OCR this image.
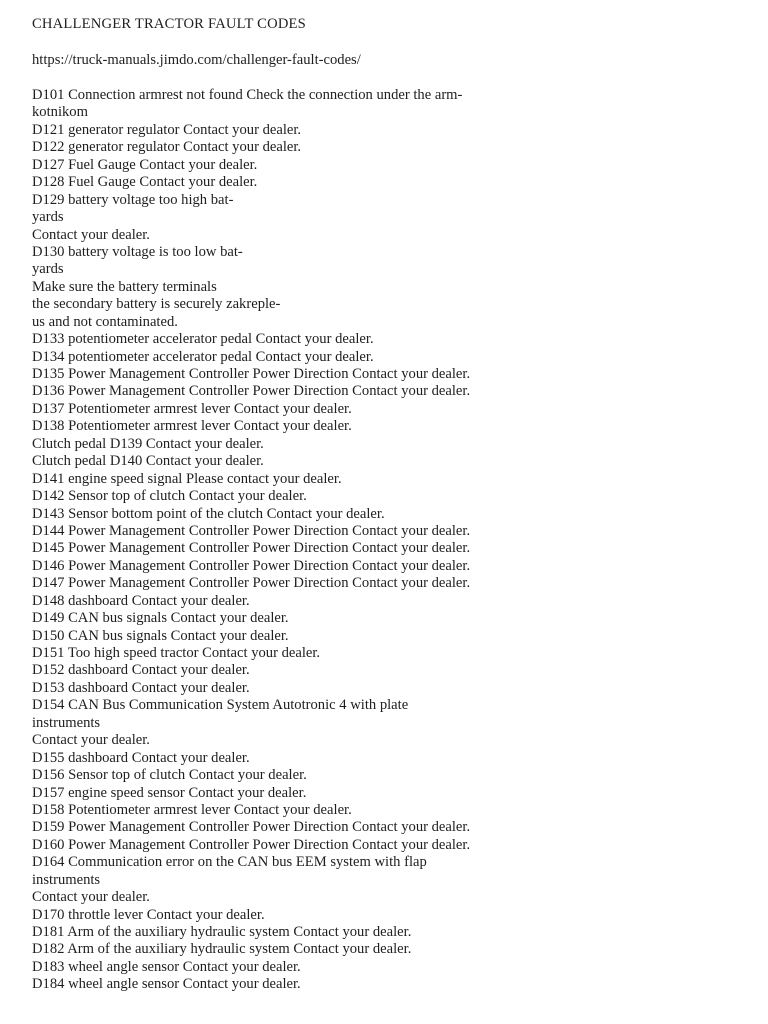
CHALLENGER TRACTOR FAULT CODES
https://truck-manuals.jimdo.com/challenger-fault-codes/
D101 Connection armrest not found Check the connection under the arm-
kotnikom
D121 generator regulator Contact your dealer.
D122 generator regulator Contact your dealer.
D127 Fuel Gauge Contact your dealer.
D128 Fuel Gauge Contact your dealer.
D129 battery voltage too high bat-
yards
Contact your dealer.
D130 battery voltage is too low bat-
yards
Make sure the battery terminals
the secondary battery is securely zakreple-
us and not contaminated.
D133 potentiometer accelerator pedal Contact your dealer.
D134 potentiometer accelerator pedal Contact your dealer.
D135 Power Management Controller Power Direction Contact your dealer.
D136 Power Management Controller Power Direction Contact your dealer.
D137 Potentiometer armrest lever Contact your dealer.
D138 Potentiometer armrest lever Contact your dealer.
Clutch pedal D139 Contact your dealer.
Clutch pedal D140 Contact your dealer.
D141 engine speed signal Please contact your dealer.
D142 Sensor top of clutch Contact your dealer.
D143 Sensor bottom point of the clutch Contact your dealer.
D144 Power Management Controller Power Direction Contact your dealer.
D145 Power Management Controller Power Direction Contact your dealer.
D146 Power Management Controller Power Direction Contact your dealer.
D147 Power Management Controller Power Direction Contact your dealer.
D148 dashboard Contact your dealer.
D149 CAN bus signals Contact your dealer.
D150 CAN bus signals Contact your dealer.
D151 Too high speed tractor Contact your dealer.
D152 dashboard Contact your dealer.
D153 dashboard Contact your dealer.
D154 CAN Bus Communication System Autotronic 4 with plate
instruments
Contact your dealer.
D155 dashboard Contact your dealer.
D156 Sensor top of clutch Contact your dealer.
D157 engine speed sensor Contact your dealer.
D158 Potentiometer armrest lever Contact your dealer.
D159 Power Management Controller Power Direction Contact your dealer.
D160 Power Management Controller Power Direction Contact your dealer.
D164 Communication error on the CAN bus EEM system with flap
instruments
Contact your dealer.
D170 throttle lever Contact your dealer.
D181 Arm of the auxiliary hydraulic system Contact your dealer.
D182 Arm of the auxiliary hydraulic system Contact your dealer.
D183 wheel angle sensor Contact your dealer.
D184 wheel angle sensor Contact your dealer.
